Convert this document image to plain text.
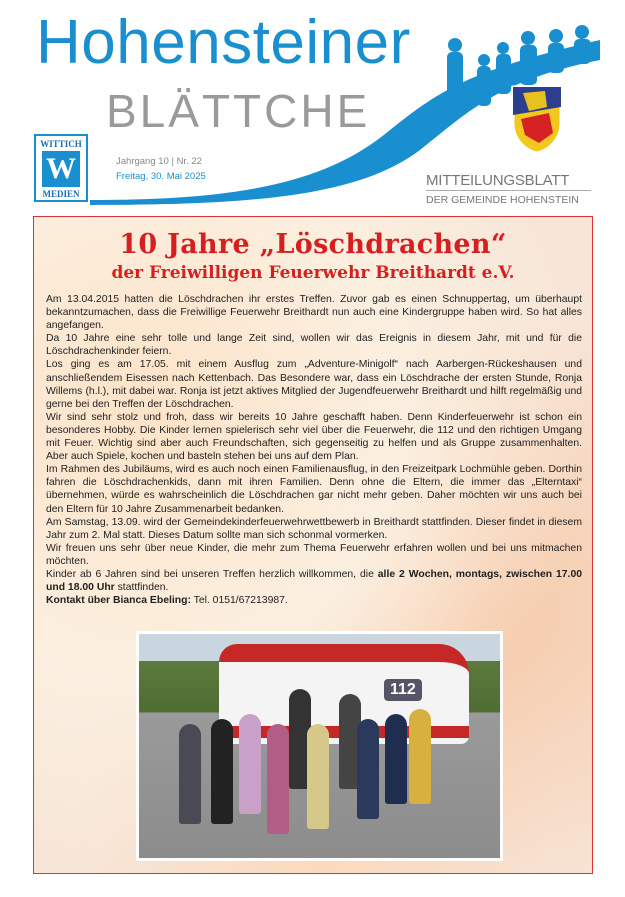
Hohensteiner
BLÄTTCHE
WITTICH
W
MEDIEN
Jahrgang 10 | Nr. 22
Freitag, 30. Mai 2025	MITTEILUNGSBLATT
DER GEMEINDE HOHENSTEIN
10 Jahre „Löschdrachen“
der Freiwilligen Feuerwehr Breithardt e.V.

Am 13.04.2015 hatten die Löschdrachen ihr erstes Treffen. Zuvor gab es einen Schnuppertag, um überhaupt bekanntzumachen, dass die Freiwillige Feuerwehr Breithardt nun auch eine Kindergruppe haben wird. So hat alles angefangen.

Da 10 Jahre eine sehr tolle und lange Zeit sind, wollen wir das Ereignis in diesem Jahr, mit und für die Löschdrachenkinder feiern.

Los ging es am 17.05. mit einem Ausflug zum „Adventure-Minigolf“ nach Aarbergen-Rückeshausen und anschließendem Eisessen nach Kettenbach. Das Besondere war, dass ein Löschdrache der ersten Stunde, Ronja Willems (h.l.), mit dabei war. Ronja ist jetzt aktives Mitglied der Jugendfeuerwehr Breithardt und hilft regelmäßig und gerne bei den Treffen der Löschdrachen.

Wir sind sehr stolz und froh, dass wir bereits 10 Jahre geschafft haben. Denn Kinderfeuerwehr ist schon ein besonderes Hobby. Die Kinder lernen spielerisch sehr viel über die Feuerwehr, die 112 und den richtigen Umgang mit Feuer. Wichtig sind aber auch Freundschaften, sich gegenseitig zu helfen und als Gruppe zusammenhalten. Aber auch Spiele, kochen und basteln stehen bei uns auf dem Plan.

Im Rahmen des Jubiläums, wird es auch noch einen Familienausflug, in den Freizeitpark Lochmühle geben. Dorthin fahren die Löschdrachenkids, dann mit ihren Familien. Denn ohne die Eltern, die immer das „Elterntaxi“ übernehmen, würde es wahrscheinlich die Löschdrachen gar nicht mehr geben. Daher möchten wir uns auch bei den Eltern für 10 Jahre Zusammenarbeit bedanken.

Am Samstag, 13.09. wird der Gemeindekinderfeuerwehrwettbewerb in Breithardt stattfinden. Dieser findet in diesem Jahr zum 2. Mal statt. Dieses Datum sollte man sich schonmal vormerken.

Wir freuen uns sehr über neue Kinder, die mehr zum Thema Feuerwehr erfahren wollen und bei uns mitmachen möchten.

Kinder ab 6 Jahren sind bei unseren Treffen herzlich willkommen, die alle 2 Wochen, montags, zwischen 17.00 und 18.00 Uhr stattfinden.

Kontakt über Bianca Ebeling: Tel. 0151/67213987.

112
